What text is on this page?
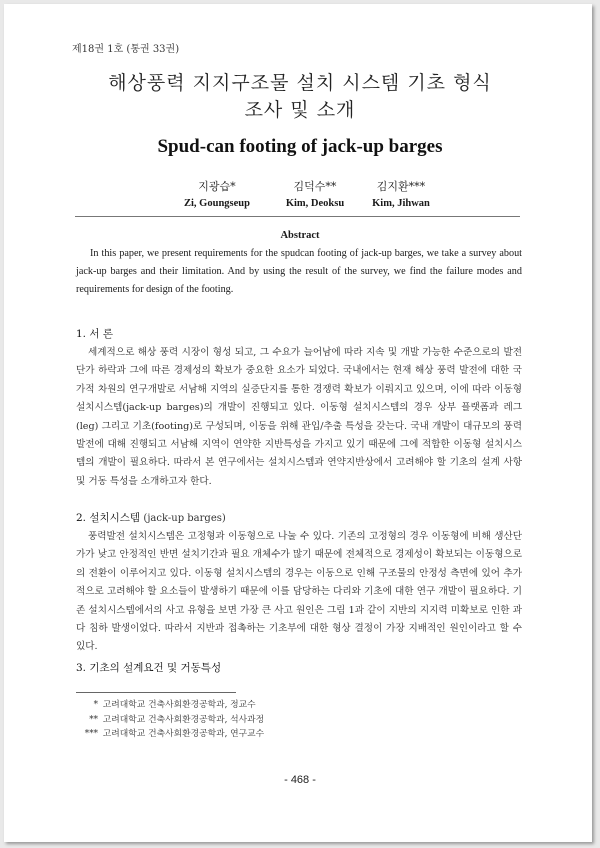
제18권 1호 (통권 33권)
해상풍력 지지구조물 설치 시스템 기초 형식
조사 및 소개
Spud-can footing of jack-up barges
지광습*
Zi, Goungseup
김덕수**
Kim, Deoksu
김지환***
Kim, Jihwan
Abstract

In this paper, we present requirements for the spudcan footing of jack-up barges, we take a survey about jack-up barges and their limitation. And by using the result of the survey, we find the failure modes and requirements for design of the footing.

1. 서 론

세계적으로 해상 풍력 시장이 형성 되고, 그 수요가 늘어남에 따라 지속 및 개발 가능한 수준으로의 발전단가 하락과 그에 따른 경제성의 확보가 중요한 요소가 되었다. 국내에서는 현재 해상 풍력 발전에 대한 국가적 차원의 연구개발로 서남해 지역의 실증단지를 통한 경쟁력 확보가 이뤄지고 있으며, 이에 따라 이동형 설치시스템(jack-up barges)의 개발이 진행되고 있다. 이동형 설치시스템의 경우 상부 플랫폼과 레그(leg) 그리고 기초(footing)로 구성되며, 이동을 위해 관입/추출 특성을 갖는다. 국내 개발이 대규모의 풍력발전에 대해 진행되고 서남해 지역이 연약한 지반특성을 가지고 있기 때문에 그에 적합한 이동형 설치시스템의 개발이 필요하다. 따라서 본 연구에서는 설치시스템과 연약지반상에서 고려해야 할 기초의 설계 사항 및 거동 특성을 소개하고자 한다.

2. 설치시스템 (jack-up barges)

풍력발전 설치시스템은 고정형과 이동형으로 나눌 수 있다. 기존의 고정형의 경우 이동형에 비해 생산단가가 낮고 안정적인 반면 설치기간과 필요 개체수가 많기 때문에 전체적으로 경제성이 확보되는 이동형으로의 전환이 이루어지고 있다. 이동형 설치시스템의 경우는 이동으로 인해 구조물의 안정성 측면에 있어 추가적으로 고려해야 할 요소들이 발생하기 때문에 이를 담당하는 다리와 기초에 대한 연구 개발이 필요하다. 기존 설치시스템에서의 사고 유형을 보면 가장 큰 사고 원인은 그림 1과 같이 지반의 지지력 미확보로 인한 과다 침하 발생이었다. 따라서 지반과 접촉하는 기초부에 대한 형상 결정이 가장 지배적인 원인이라고 할 수 있다.

3. 기초의 설계요건 및 거동특성
* 고려대학교 건축사회환경공학과, 정교수
** 고려대학교 건축사회환경공학과, 석사과정
*** 고려대학교 건축사회환경공학과, 연구교수
- 468 -
